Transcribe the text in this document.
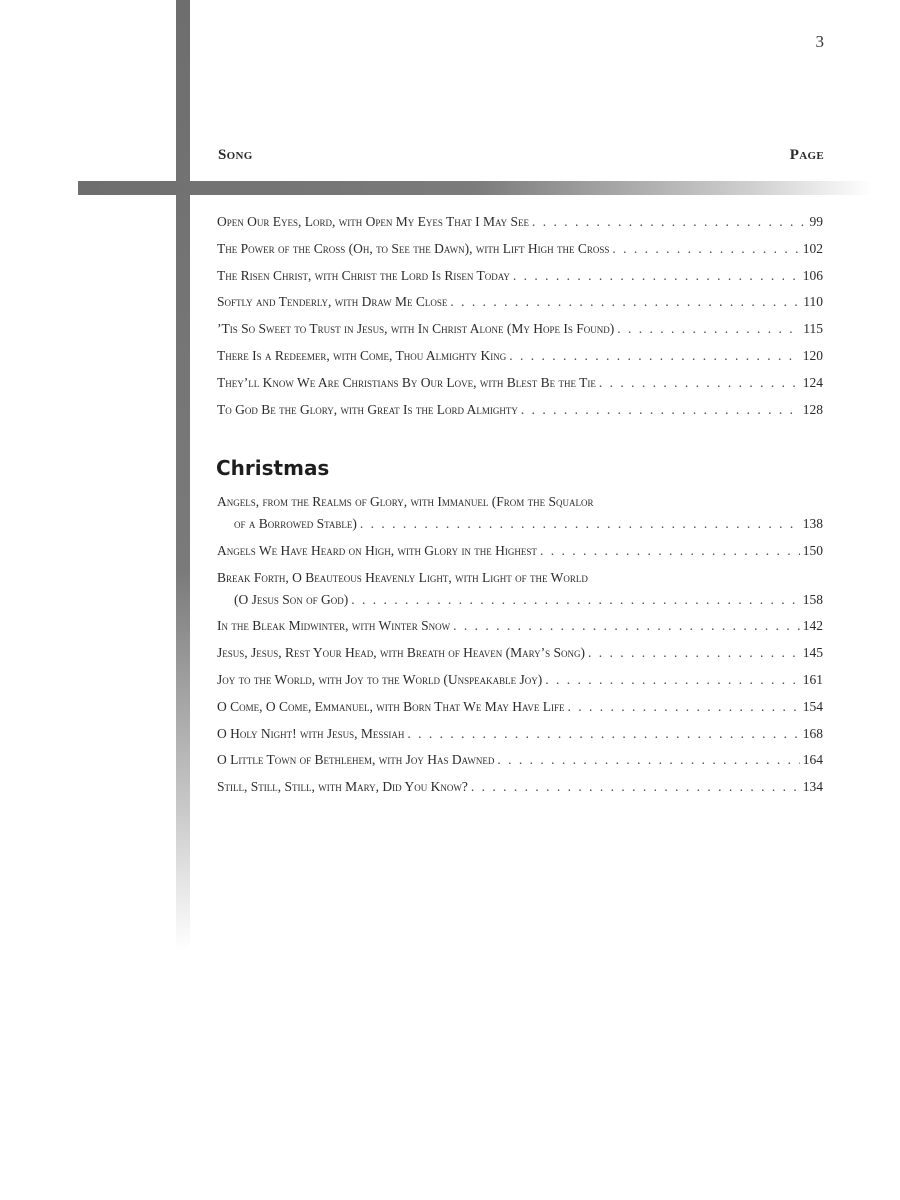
3
Song	Page
Open Our Eyes, Lord, with Open My Eyes That I May See . . .	99
The Power of the Cross (Oh, to See the Dawn), with Lift High the Cross . . .	102
The Risen Christ, with Christ the Lord Is Risen Today . . .	106
Softly and Tenderly, with Draw Me Close . . .	110
’Tis So Sweet to Trust in Jesus, with In Christ Alone (My Hope Is Found) . . .	115
There Is a Redeemer, with Come, Thou Almighty King . . .	120
They’ll Know We Are Christians By Our Love, with Blest Be the Tie . . .	124
To God Be the Glory, with Great Is the Lord Almighty . . .	128
Christmas
Angels, from the Realms of Glory, with Immanuel (From the Squalor
of a Borrowed Stable) . . .	138
Angels We Have Heard on High, with Glory in the Highest . . .	150
Break Forth, O Beauteous Heavenly Light, with Light of the World
(O Jesus Son of God) . . .	158
In the Bleak Midwinter, with Winter Snow . . .	142
Jesus, Jesus, Rest Your Head, with Breath of Heaven (Mary’s Song) . . .	145
Joy to the World, with Joy to the World (Unspeakable Joy) . . .	161
O Come, O Come, Emmanuel, with Born That We May Have Life . . .	154
O Holy Night! with Jesus, Messiah . . .	168
O Little Town of Bethlehem, with Joy Has Dawned . . .	164
Still, Still, Still, with Mary, Did You Know? . . .	134
